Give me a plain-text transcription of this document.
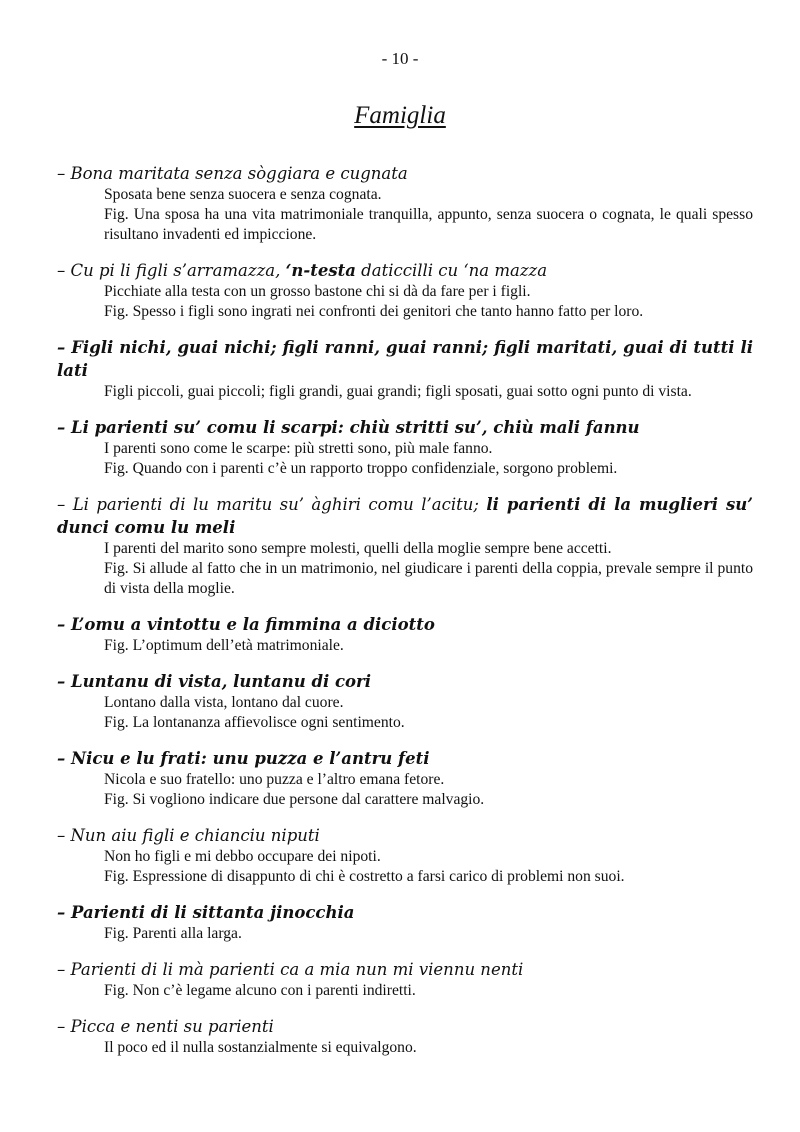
- 10 -
Famiglia
– Bona maritata senza sòggiara e cugnata
Sposata bene senza suocera e senza cognata.
Fig. Una sposa ha una vita matrimoniale tranquilla, appunto, senza suocera o cognata, le quali spesso risultano invadenti ed impiccione.
– Cu pi li figli s’arramazza, ‘n-testa daticcilli cu ‘na mazza
Picchiate alla testa con un grosso bastone chi si dà da fare per i figli.
Fig. Spesso i figli sono ingrati nei confronti dei genitori che tanto hanno fatto per loro.
– Figli nichi, guai nichi; figli ranni, guai ranni; figli maritati, guai di tutti li lati
Figli piccoli, guai piccoli; figli grandi, guai grandi; figli sposati, guai sotto ogni punto di vista.
– Li parienti su’ comu li scarpi: chiù stritti su’, chiù mali fannu
I parenti sono come le scarpe: più stretti sono, più male fanno.
Fig. Quando con i parenti c’è un rapporto troppo confidenziale, sorgono problemi.
– Li parienti di lu maritu su’ àghiri comu l’acitu; li parienti di la muglieri su’ dunci comu lu meli
I parenti del marito sono sempre molesti, quelli della moglie sempre bene accetti.
Fig. Si allude al fatto che in un matrimonio, nel giudicare i parenti della coppia, prevale sempre il punto di vista della moglie.
– L’omu a vintottu e la fimmina a diciotto
Fig. L’optimum dell’età matrimoniale.
– Luntanu di vista, luntanu di cori
Lontano dalla vista, lontano dal cuore.
Fig. La lontananza affievolisce ogni sentimento.
– Nicu e lu frati: unu puzza e l’antru feti
Nicola e suo fratello: uno puzza e l’altro emana fetore.
Fig. Si vogliono indicare due persone dal carattere malvagio.
– Nun aiu figli e chianciu niputi
Non ho figli e mi debbo occupare dei nipoti.
Fig. Espressione di disappunto di chi è costretto a farsi carico di problemi non suoi.
– Parienti di li sittanta jinocchia
Fig. Parenti alla larga.
– Parienti di li mà parienti ca a mia nun mi viennu nenti
Fig. Non c’è legame alcuno con i parenti indiretti.
– Picca e nenti su parienti
Il poco ed il nulla sostanzialmente si equivalgono.
